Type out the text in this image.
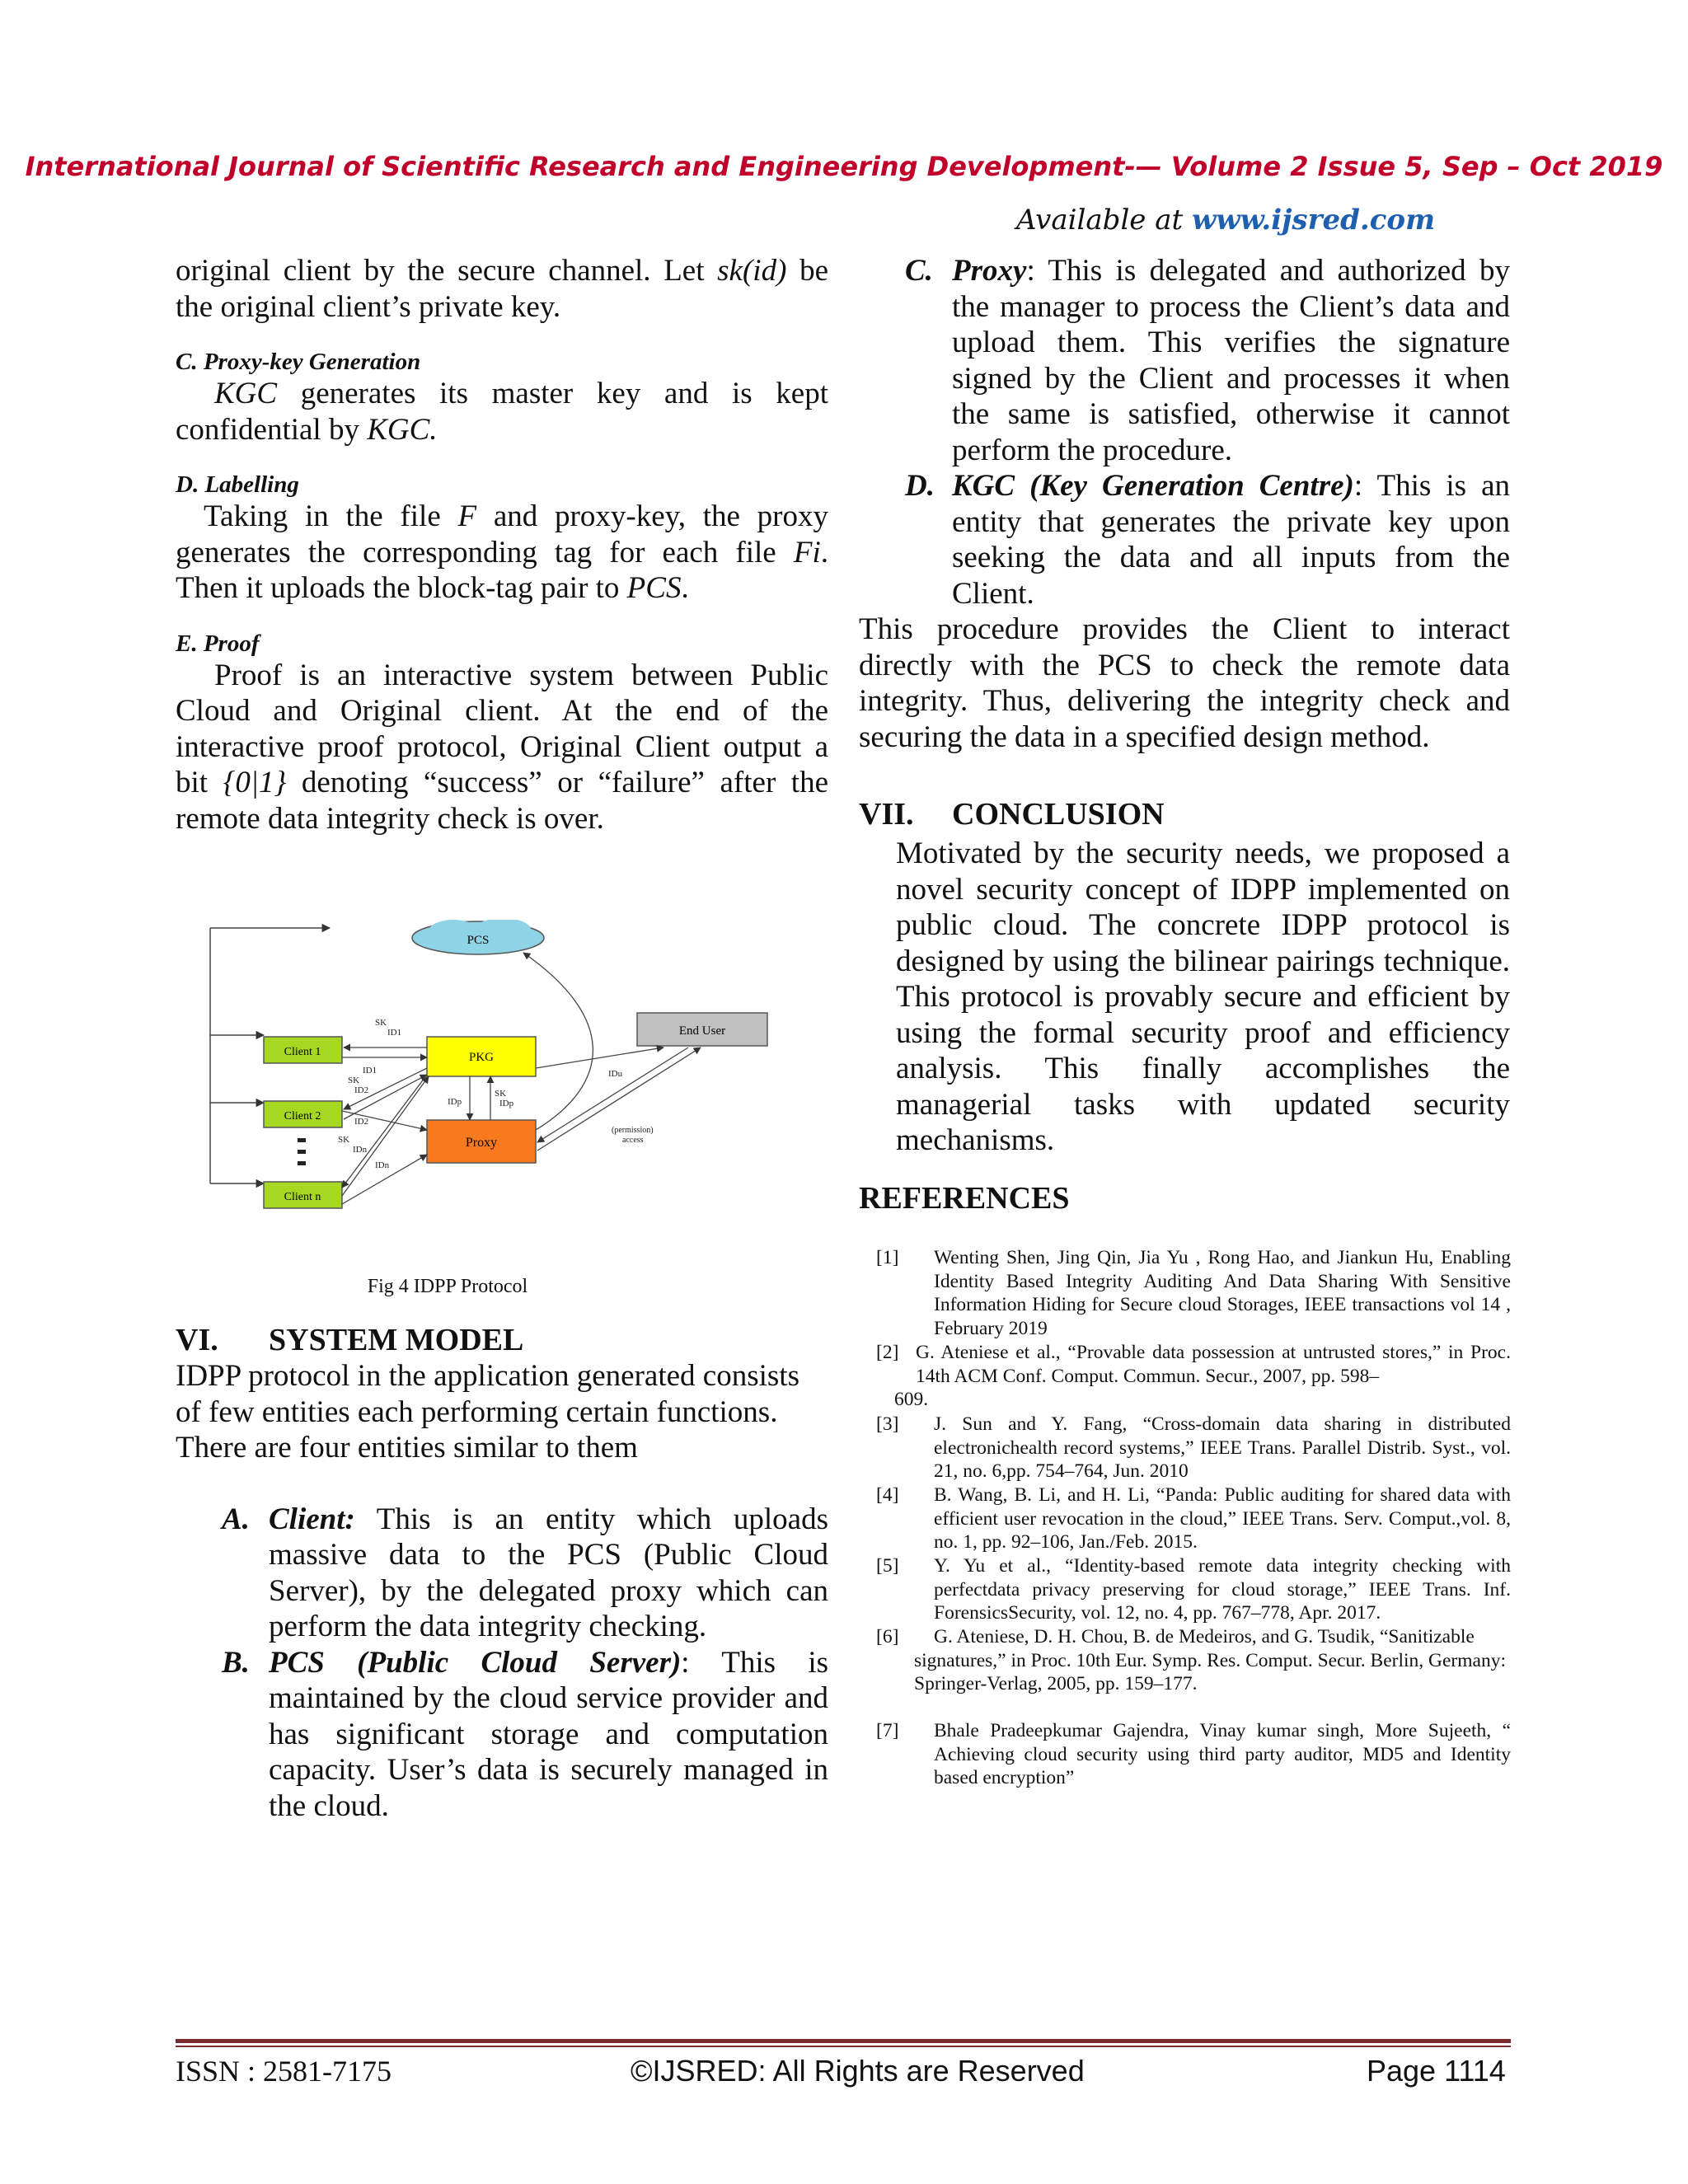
International Journal of Scientific Research and Engineering Development-— Volume 2 Issue 5, Sep – Oct 2019
Available at www.ijsred.com

original client by the secure channel. Let sk(id) be the original client’s private key.

C. Proxy-key Generation

KGC generates its master key and is kept confidential by KGC.

D. Labelling

Taking in the file F and proxy-key, the proxy generates the corresponding tag for each file Fi. Then it uploads the block-tag pair to PCS.

E. Proof

Proof is an interactive system between Public Cloud and Original client. At the end of the interactive proof protocol, Original Client output a bit {0|1} denoting “success” or “failure” after the remote data integrity check is over.

PCS
PKG
Proxy
End User
Client 1
Client 2
Client n
SK
ID1
ID1
SK
ID2
ID2
SK
IDn
IDn
IDp
SK
IDp
IDu
(permission)
access
Fig 4 IDPP Protocol

VI. SYSTEM MODEL

IDPP protocol in the application generated consists of few entities each performing certain functions. There are four entities similar to them

A. Client: This is an entity which uploads massive data to the PCS (Public Cloud Server), by the delegated proxy which can perform the data integrity checking.
B. PCS (Public Cloud Server): This is maintained by the cloud service provider and has significant storage and computation capacity. User’s data is securely managed in the cloud.
C. Proxy: This is delegated and authorized by the manager to process the Client’s data and upload them. This verifies the signature signed by the Client and processes it when the same is satisfied, otherwise it cannot perform the procedure.
D. KGC (Key Generation Centre): This is an entity that generates the private key upon seeking the data and all inputs from the Client.

This procedure provides the Client to interact directly with the PCS to check the remote data integrity. Thus, delivering the integrity check and securing the data in a specified design method.

VII. CONCLUSION

Motivated by the security needs, we proposed a novel security concept of IDPP implemented on public cloud. The concrete IDPP protocol is designed by using the bilinear pairings technique. This protocol is provably secure and efficient by using the formal security proof and efficiency analysis. This finally accomplishes the managerial tasks with updated security mechanisms.

REFERENCES

[1] Wenting Shen, Jing Qin, Jia Yu , Rong Hao, and Jiankun Hu, Enabling Identity Based Integrity Auditing And Data Sharing With Sensitive Information Hiding for Secure cloud Storages, IEEE transactions vol 14 , February 2019
[2] G. Ateniese et al., “Provable data possession at untrusted stores,” in Proc. 14th ACM Conf. Comput. Commun. Secur., 2007, pp. 598–
609.
[3] J. Sun and Y. Fang, “Cross-domain data sharing in distributed electronichealth record systems,” IEEE Trans. Parallel Distrib. Syst., vol. 21, no. 6,pp. 754–764, Jun. 2010
[4] B. Wang, B. Li, and H. Li, “Panda: Public auditing for shared data with efficient user revocation in the cloud,” IEEE Trans. Serv. Comput.,vol. 8, no. 1, pp. 92–106, Jan./Feb. 2015.
[5] Y. Yu et al., “Identity-based remote data integrity checking with perfectdata privacy preserving for cloud storage,” IEEE Trans. Inf. ForensicsSecurity, vol. 12, no. 4, pp. 767–778, Apr. 2017.
[6] G. Ateniese, D. H. Chou, B. de Medeiros, and G. Tsudik, “Sanitizable
signatures,” in Proc. 10th Eur. Symp. Res. Comput. Secur. Berlin, Germany: Springer-Verlag, 2005, pp. 159–177.
[7] Bhale Pradeepkumar Gajendra, Vinay kumar singh, More Sujeeth, “ Achieving cloud security using third party auditor, MD5 and Identity based encryption”
ISSN : 2581-7175	©IJSRED: All Rights are Reserved	Page 1114
